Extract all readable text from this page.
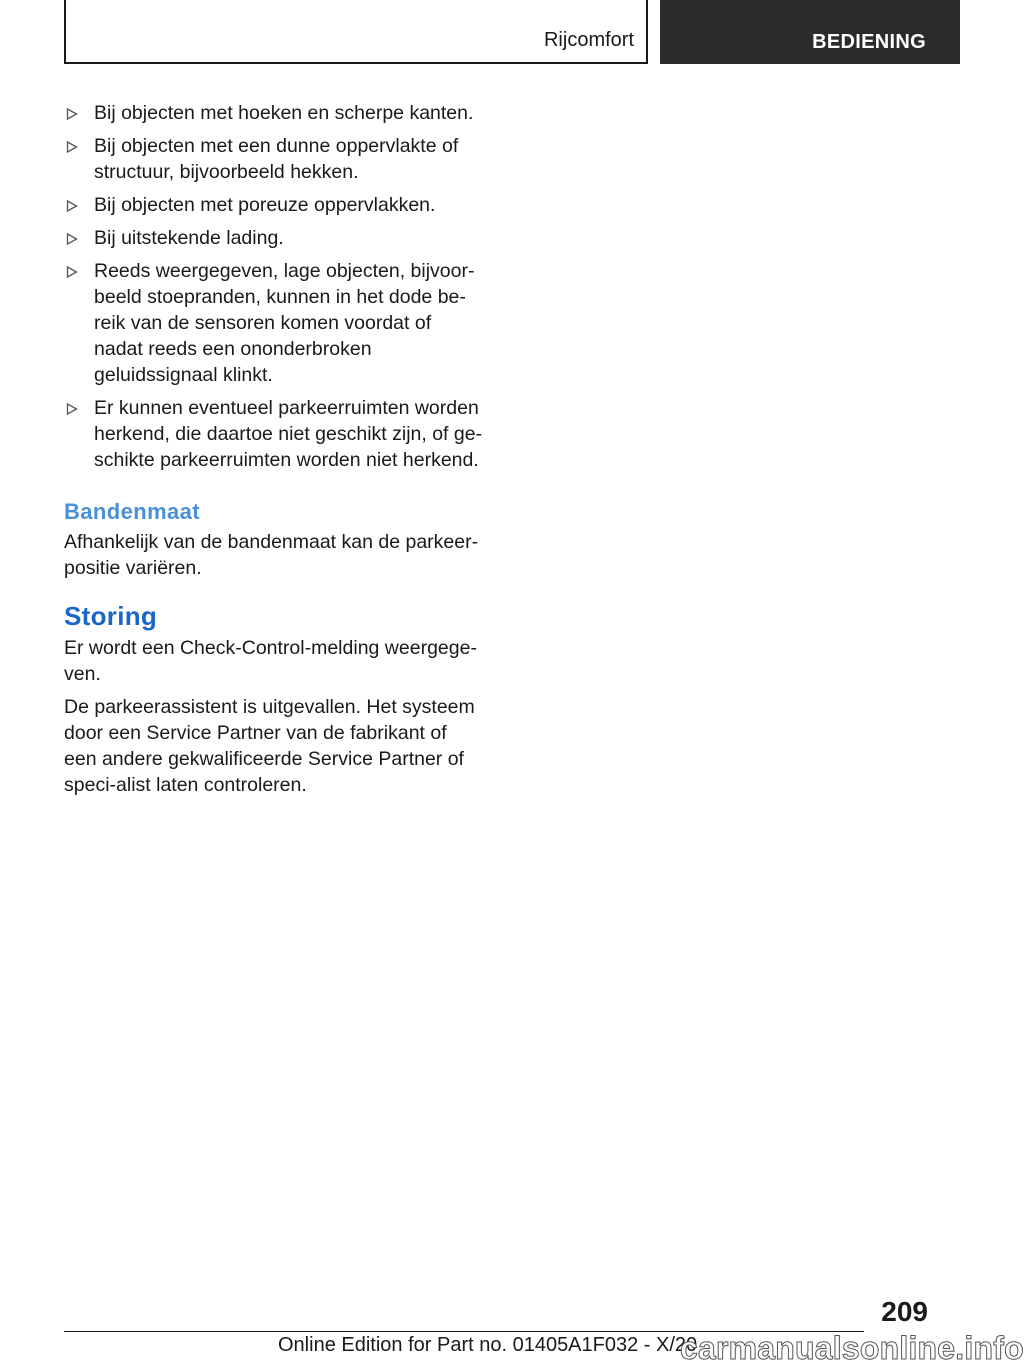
Rijcomfort	BEDIENING
Bij objecten met hoeken en scherpe kanten.
Bij objecten met een dunne oppervlakte of structuur, bijvoorbeeld hekken.
Bij objecten met poreuze oppervlakken.
Bij uitstekende lading.
Reeds weergegeven, lage objecten, bijvoor-beeld stoepranden, kunnen in het dode be-reik van de sensoren komen voordat of nadat reeds een ononderbroken geluidssignaal klinkt.
Er kunnen eventueel parkeerruimten worden herkend, die daartoe niet geschikt zijn, of ge-schikte parkeerruimten worden niet herkend.
Bandenmaat

Afhankelijk van de bandenmaat kan de parkeer-positie variëren.

Storing

Er wordt een Check-Control-melding weergege-ven.

De parkeerassistent is uitgevallen. Het systeem door een Service Partner van de fabrikant of een andere gekwalificeerde Service Partner of speci-alist laten controleren.

209
Online Edition for Part no. 01405A1F032 - X/20
carmanualsonline.info
